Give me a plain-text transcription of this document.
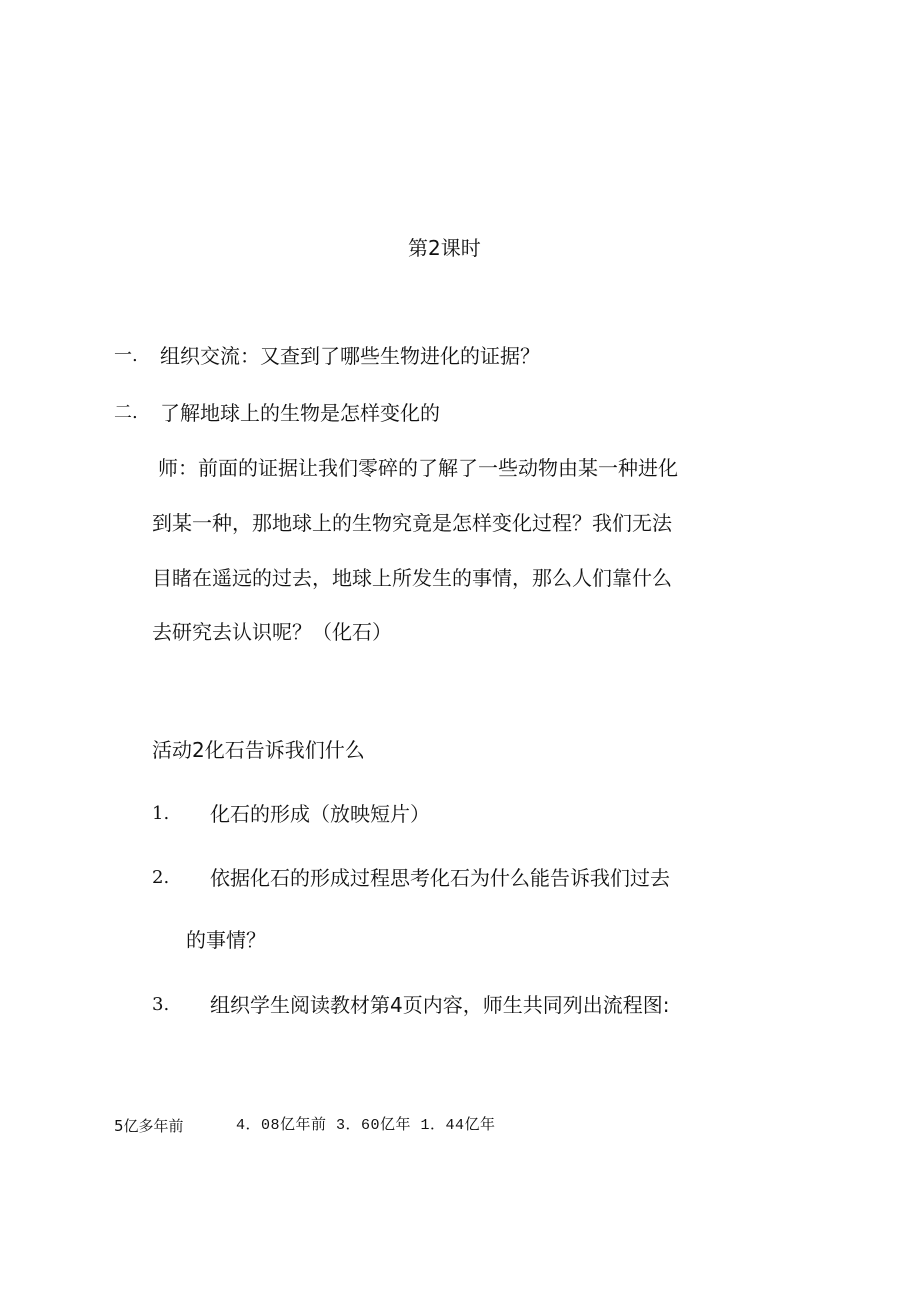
第2课时
一. 组织交流：又查到了哪些生物进化的证据？
二. 了解地球上的生物是怎样变化的
师：前面的证据让我们零碎的了解了一些动物由某一种进化
到某一种，那地球上的生物究竟是怎样变化过程？我们无法
目睹在遥远的过去，地球上所发生的事情，那么人们靠什么
去研究去认识呢？（化石）
活动2化石告诉我们什么
1. 化石的形成（放映短片）
2. 依据化石的形成过程思考化石为什么能告诉我们过去
的事情？
3. 组织学生阅读教材第4页内容，师生共同列出流程图:
5亿多年前	4．08亿年前 3．60亿年 1．44亿年
